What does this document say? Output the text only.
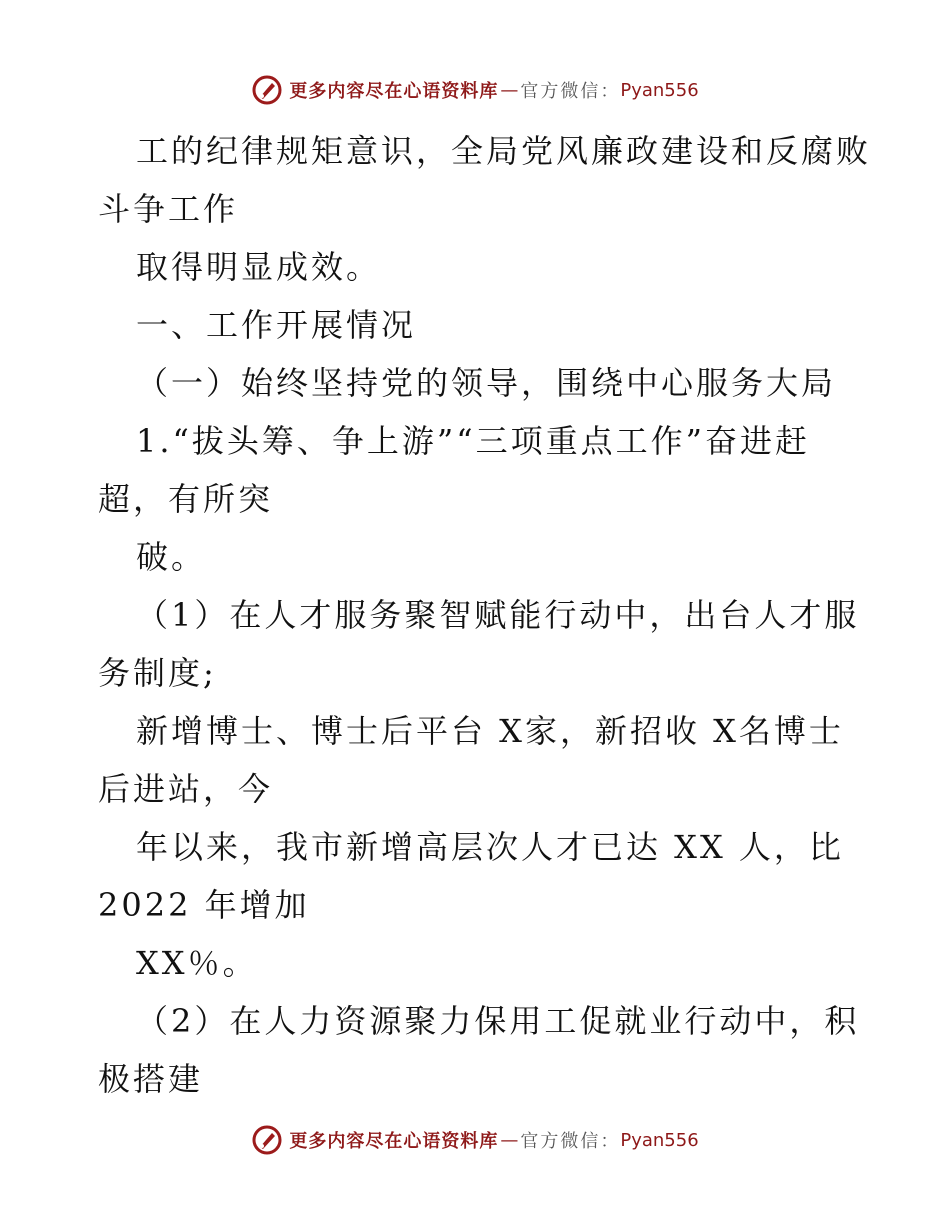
更多内容尽在心语资料库 — 官方微信： Pyan556
工的纪律规矩意识，全局党风廉政建设和反腐败
斗争工作
取得明显成效。
一、工作开展情况
（一）始终坚持党的领导，围绕中心服务大局
1.“拔头筹、争上游”“三项重点工作”奋进赶
超，有所突
破。
（1）在人才服务聚智赋能行动中，出台人才服
务制度;
新增博士、博士后平台 X家，新招收 X名博士
后进站，今
年以来，我市新增高层次人才已达 XX 人，比
2022 年增加
XX％。
（2）在人力资源聚力保用工促就业行动中，积
极搭建
更多内容尽在心语资料库 — 官方微信： Pyan556
